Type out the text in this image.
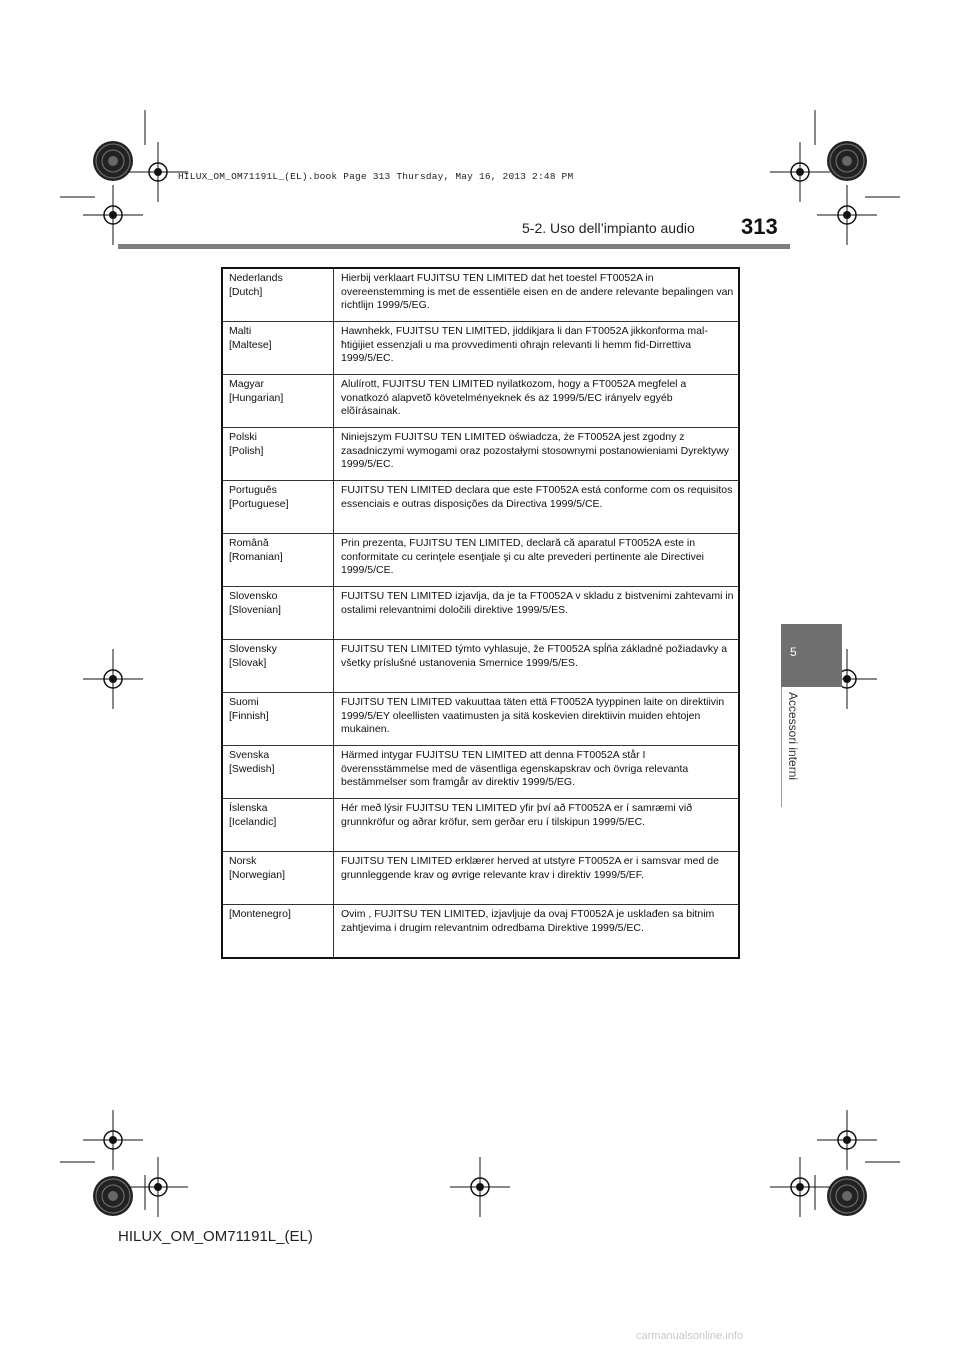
HILUX_OM_OM71191L_(EL).book Page 313 Thursday, May 16, 2013 2:48 PM
5-2. Uso dell’impianto audio 313
5
Accessori interni
Nederlands
[Dutch]
Hierbij verklaart FUJITSU TEN LIMITED dat het toestel FT0052A in overeenstemming is met de essentiële eisen en de andere relevante bepalingen van richtlijn 1999/5/EG.
Malti
[Maltese]
Hawnhekk, FUJITSU TEN LIMITED, jiddikjara li dan FT0052A jikkonforma mal-ħtiġijiet essenzjali u ma provvedimenti oħrajn relevanti li hemm fid-Dirrettiva 1999/5/EC.
Magyar
[Hungarian]
Alulírott, FUJITSU TEN LIMITED nyilatkozom, hogy a FT0052A megfelel a vonatkozó alapvetõ követelményeknek és az 1999/5/EC irányelv egyéb elõírásainak.
Polski
[Polish]
Niniejszym FUJITSU TEN LIMITED oświadcza, że FT0052A jest zgodny z zasadniczymi wymogami oraz pozostałymi stosownymi postanowieniami Dyrektywy 1999/5/EC.
Português
[Portuguese]
FUJITSU TEN LIMITED declara que este FT0052A está conforme com os requisitos essenciais e outras disposições da Directiva 1999/5/CE.
Română
[Romanian]
Prin prezenta, FUJITSU TEN LIMITED, declară că aparatul FT0052A este in conformitate cu cerinţele esenţiale şi cu alte prevederi pertinente ale Directivei 1999/5/CE.
Slovensko
[Slovenian]
FUJITSU TEN LIMITED izjavlja, da je ta FT0052A v skladu z bistvenimi zahtevami in ostalimi relevantnimi določili direktive 1999/5/ES.
Slovensky
[Slovak]
FUJITSU TEN LIMITED týmto vyhlasuje, že FT0052A spĺňa základné požiadavky a všetky príslušné ustanovenia Smernice 1999/5/ES.
Suomi
[Finnish]
FUJITSU TEN LIMITED vakuuttaa täten että FT0052A tyyppinen laite on direktiivin 1999/5/EY oleellisten vaatimusten ja sitä koskevien direktiivin muiden ehtojen mukainen.
Svenska
[Swedish]
Härmed intygar FUJITSU TEN LIMITED att denna FT0052A står I överensstämmelse med de väsentliga egenskapskrav och övriga relevanta bestämmelser som framgår av direktiv 1999/5/EG.
Íslenska
[Icelandic]
Hér með lýsir FUJITSU TEN LIMITED yfir því að FT0052A er í samræmi við grunnkröfur og aðrar kröfur, sem gerðar eru í tilskipun 1999/5/EC.
Norsk
[Norwegian]
FUJITSU TEN LIMITED erklærer herved at utstyre FT0052A er i samsvar med de grunnleggende krav og øvrige relevante krav i direktiv 1999/5/EF.
[Montenegro]	Ovim , FUJITSU TEN LIMITED, izjavljuje da ovaj FT0052A je usklađen sa bitnim zahtjevima i drugim relevantnim odredbama Direktive 1999/5/EC.
HILUX_OM_OM71191L_(EL)
carmanualsonline.info
